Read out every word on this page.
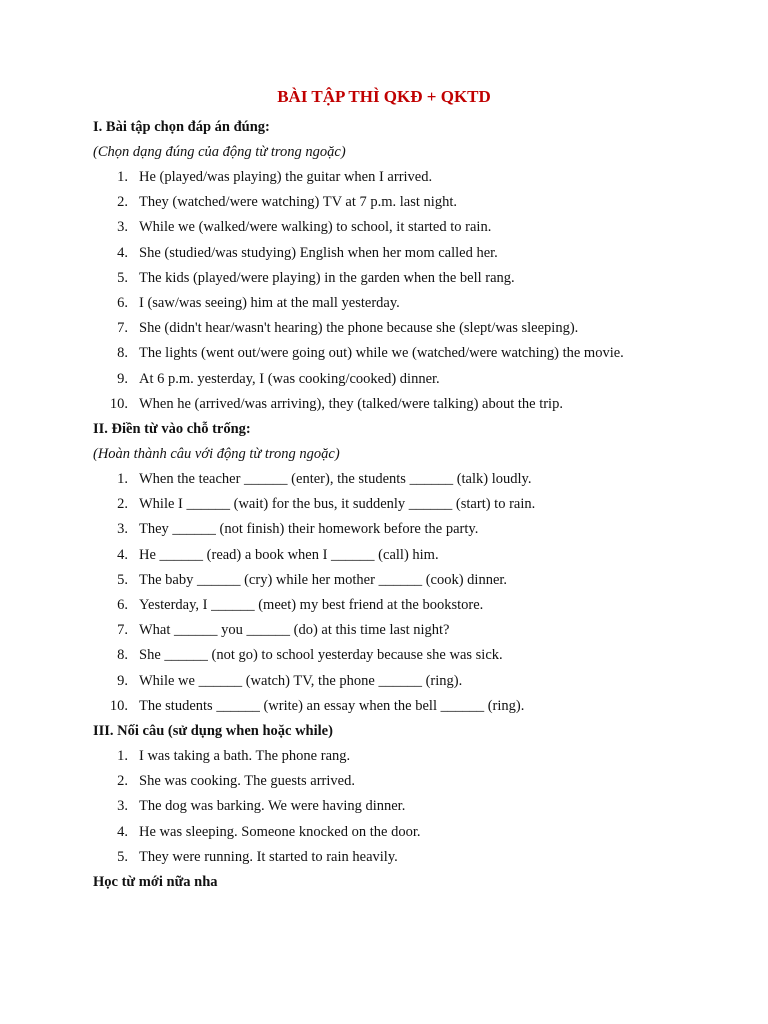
BÀI TẬP THÌ QKĐ + QKTD

I. Bài tập chọn đáp án đúng:

(Chọn dạng đúng của động từ trong ngoặc)

1. He (played/was playing) the guitar when I arrived.
2. They (watched/were watching) TV at 7 p.m. last night.
3. While we (walked/were walking) to school, it started to rain.
4. She (studied/was studying) English when her mom called her.
5. The kids (played/were playing) in the garden when the bell rang.
6. I (saw/was seeing) him at the mall yesterday.
7. She (didn't hear/wasn't hearing) the phone because she (slept/was sleeping).
8. The lights (went out/were going out) while we (watched/were watching) the movie.
9. At 6 p.m. yesterday, I (was cooking/cooked) dinner.
10. When he (arrived/was arriving), they (talked/were talking) about the trip.

II. Điền từ vào chỗ trống:

(Hoàn thành câu với động từ trong ngoặc)

1. When the teacher ______ (enter), the students ______ (talk) loudly.
2. While I ______ (wait) for the bus, it suddenly ______ (start) to rain.
3. They ______ (not finish) their homework before the party.
4. He ______ (read) a book when I ______ (call) him.
5. The baby ______ (cry) while her mother ______ (cook) dinner.
6. Yesterday, I ______ (meet) my best friend at the bookstore.
7. What ______ you ______ (do) at this time last night?
8. She ______ (not go) to school yesterday because she was sick.
9. While we ______ (watch) TV, the phone ______ (ring).
10. The students ______ (write) an essay when the bell ______ (ring).

III. Nối câu (sử dụng when hoặc while)

1. I was taking a bath. The phone rang.
2. She was cooking. The guests arrived.
3. The dog was barking. We were having dinner.
4. He was sleeping. Someone knocked on the door.
5. They were running. It started to rain heavily.

Học từ mới nữa nha
